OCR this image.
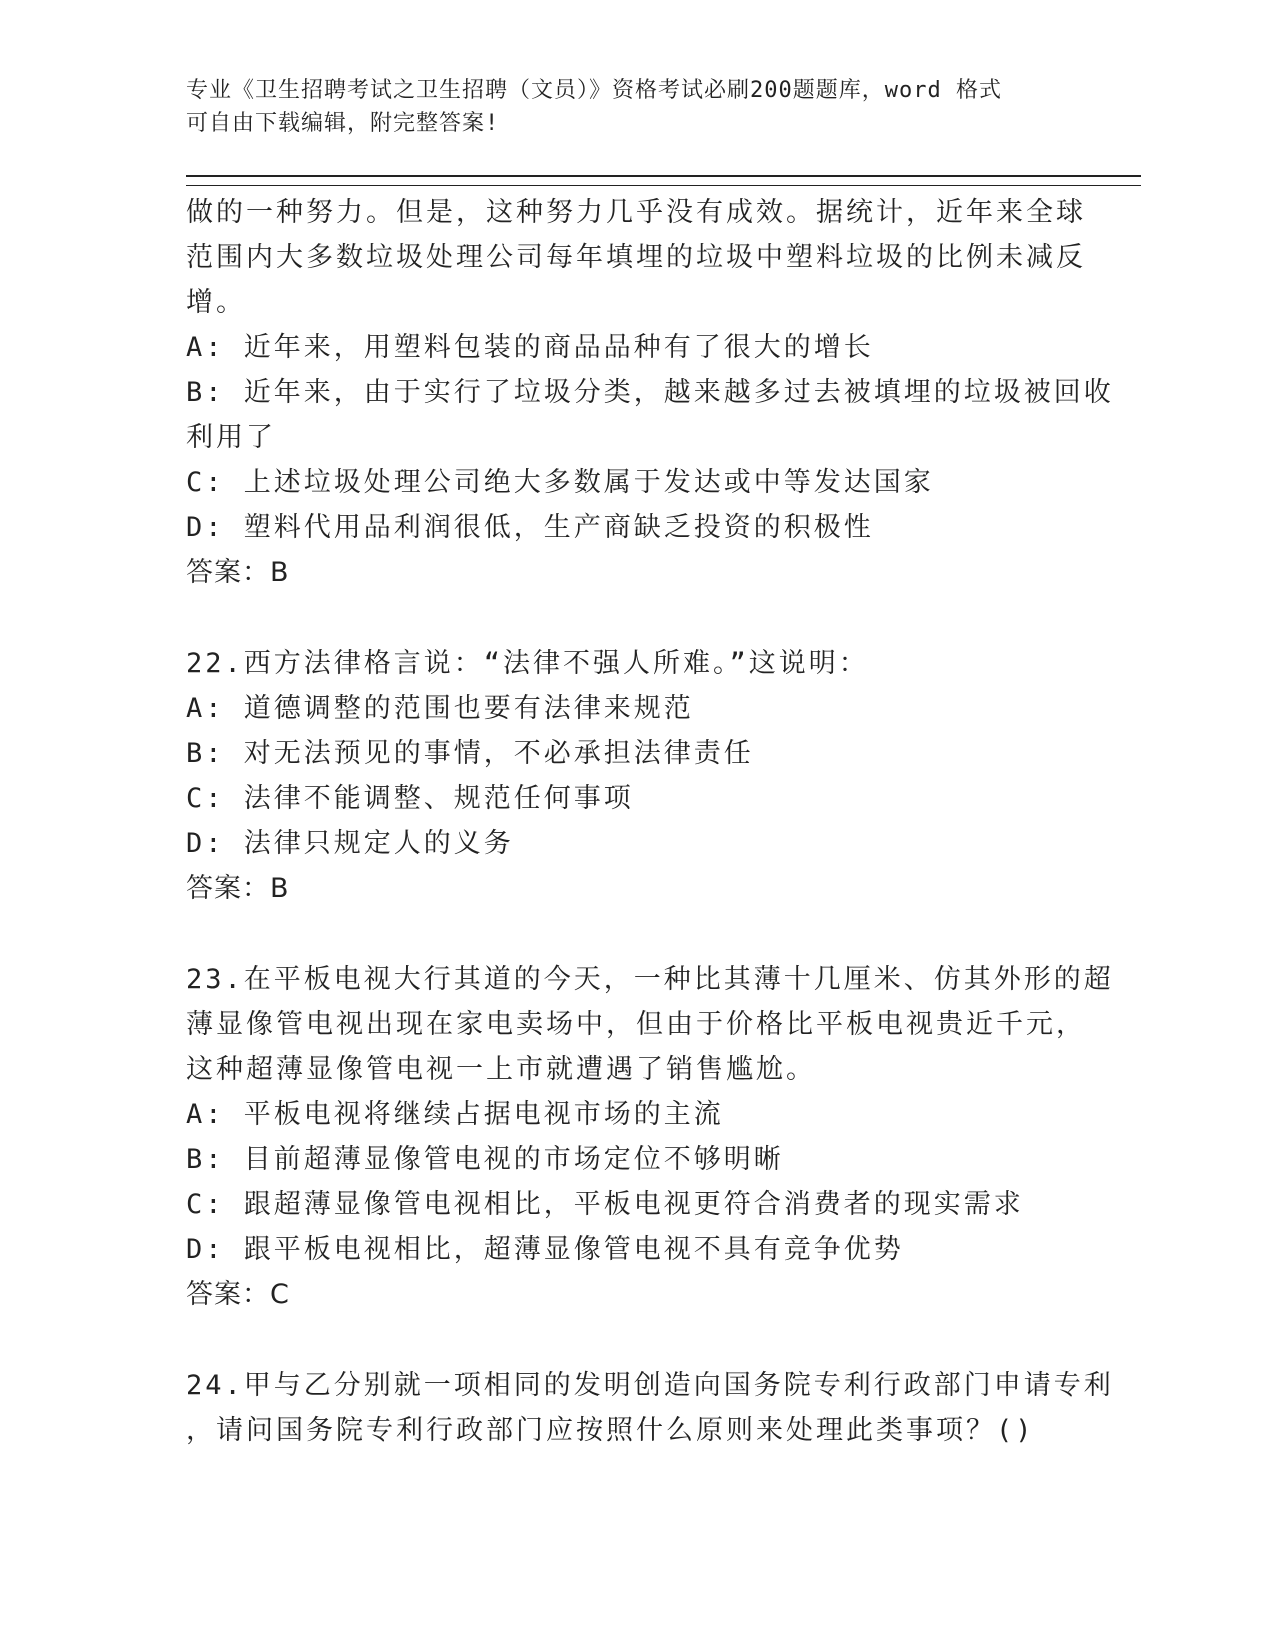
专业《卫生招聘考试之卫生招聘（文员）》资格考试必刷200题题库，word 格式
可自由下载编辑，附完整答案!
做的一种努力。但是，这种努力几乎没有成效。据统计，近年来全球
范围内大多数垃圾处理公司每年填埋的垃圾中塑料垃圾的比例未减反
增。
A: 近年来，用塑料包装的商品品种有了很大的增长
B: 近年来，由于实行了垃圾分类，越来越多过去被填埋的垃圾被回收
利用了
C: 上述垃圾处理公司绝大多数属于发达或中等发达国家
D: 塑料代用品利润很低，生产商缺乏投资的积极性
答案：B
22.西方法律格言说：“法律不强人所难。”这说明：
A: 道德调整的范围也要有法律来规范
B: 对无法预见的事情，不必承担法律责任
C: 法律不能调整、规范任何事项
D: 法律只规定人的义务
答案：B
23.在平板电视大行其道的今天，一种比其薄十几厘米、仿其外形的超
薄显像管电视出现在家电卖场中，但由于价格比平板电视贵近千元，
这种超薄显像管电视一上市就遭遇了销售尴尬。
A: 平板电视将继续占据电视市场的主流
B: 目前超薄显像管电视的市场定位不够明晰
C: 跟超薄显像管电视相比，平板电视更符合消费者的现实需求
D: 跟平板电视相比，超薄显像管电视不具有竞争优势
答案：C
24.甲与乙分别就一项相同的发明创造向国务院专利行政部门申请专利
，请问国务院专利行政部门应按照什么原则来处理此类事项？()
